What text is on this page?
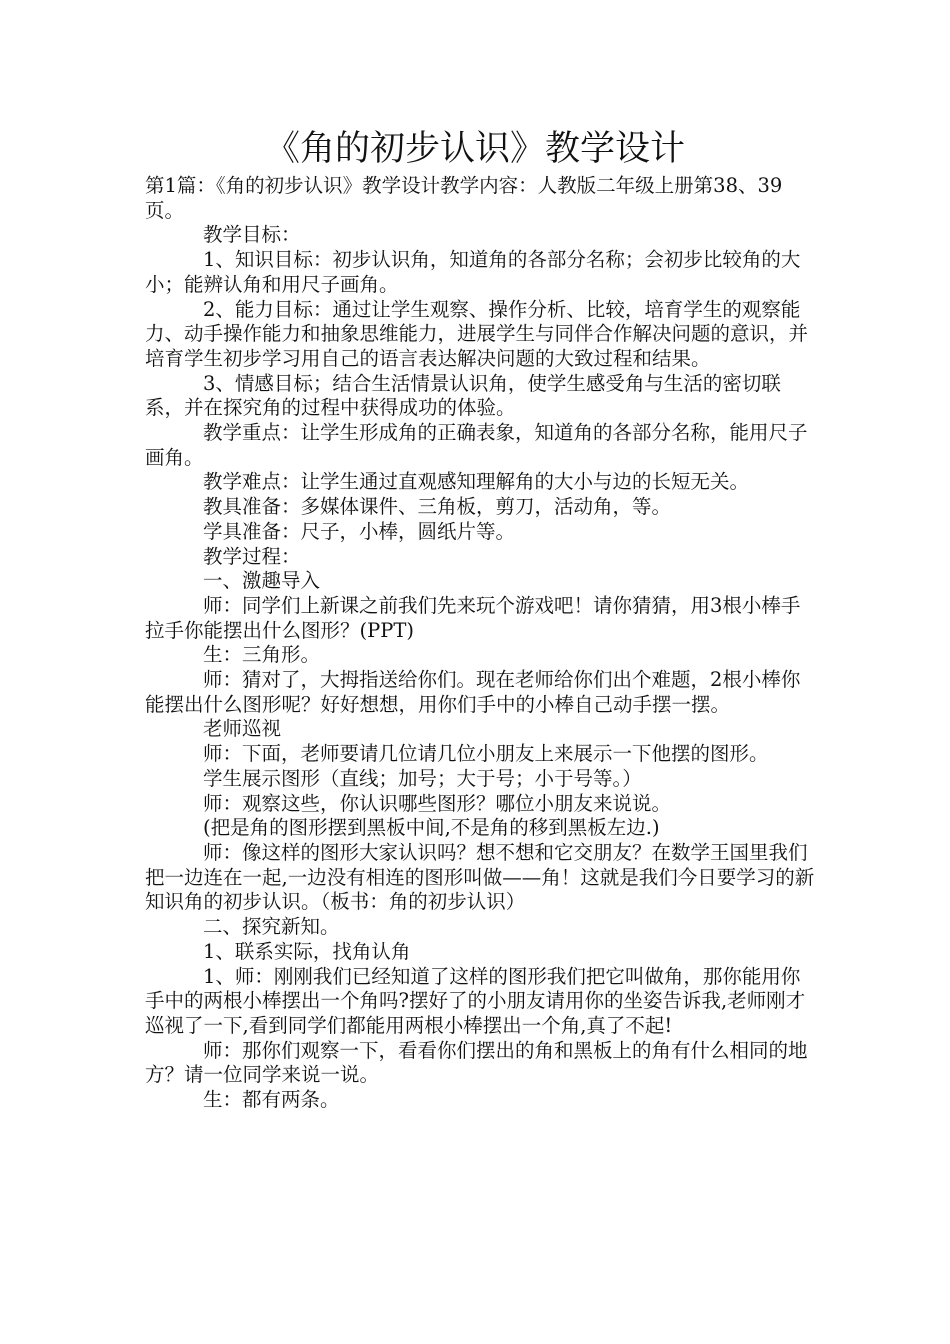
《角的初步认识》教学设计

第1篇：《角的初步认识》教学设计教学内容：人教版二年级上册第38、39页。

教学目标：

1、知识目标：初步认识角，知道角的各部分名称；会初步比较角的大小；能辨认角和用尺子画角。

2、能力目标：通过让学生观察、操作分析、比较，培育学生的观察能力、动手操作能力和抽象思维能力，进展学生与同伴合作解决问题的意识，并培育学生初步学习用自己的语言表达解决问题的大致过程和结果。

3、情感目标；结合生活情景认识角，使学生感受角与生活的密切联系，并在探究角的过程中获得成功的体验。

教学重点：让学生形成角的正确表象，知道角的各部分名称，能用尺子画角。

教学难点：让学生通过直观感知理解角的大小与边的长短无关。

教具准备：多媒体课件、三角板，剪刀，活动角，等。

学具准备：尺子，小棒，圆纸片等。

教学过程：

一、激趣导入

师：同学们上新课之前我们先来玩个游戏吧！请你猜猜，用3根小棒手拉手你能摆出什么图形？(PPT)

生：三角形。

师：猜对了，大拇指送给你们。现在老师给你们出个难题，2根小棒你能摆出什么图形呢？好好想想，用你们手中的小棒自己动手摆一摆。

老师巡视

师：下面，老师要请几位请几位小朋友上来展示一下他摆的图形。

学生展示图形（直线；加号；大于号；小于号等。）

师：观察这些，你认识哪些图形？哪位小朋友来说说。

(把是角的图形摆到黑板中间,不是角的移到黑板左边.)

师：像这样的图形大家认识吗？想不想和它交朋友？在数学王国里我们把一边连在一起,一边没有相连的图形叫做——角！这就是我们今日要学习的新知识角的初步认识。（板书：角的初步认识）

二、探究新知。

1、联系实际，找角认角

1、师：刚刚我们已经知道了这样的图形我们把它叫做角，那你能用你手中的两根小棒摆出一个角吗?摆好了的小朋友请用你的坐姿告诉我,老师刚才巡视了一下,看到同学们都能用两根小棒摆出一个角,真了不起!

师：那你们观察一下，看看你们摆出的角和黑板上的角有什么相同的地方？请一位同学来说一说。

生：都有两条。
